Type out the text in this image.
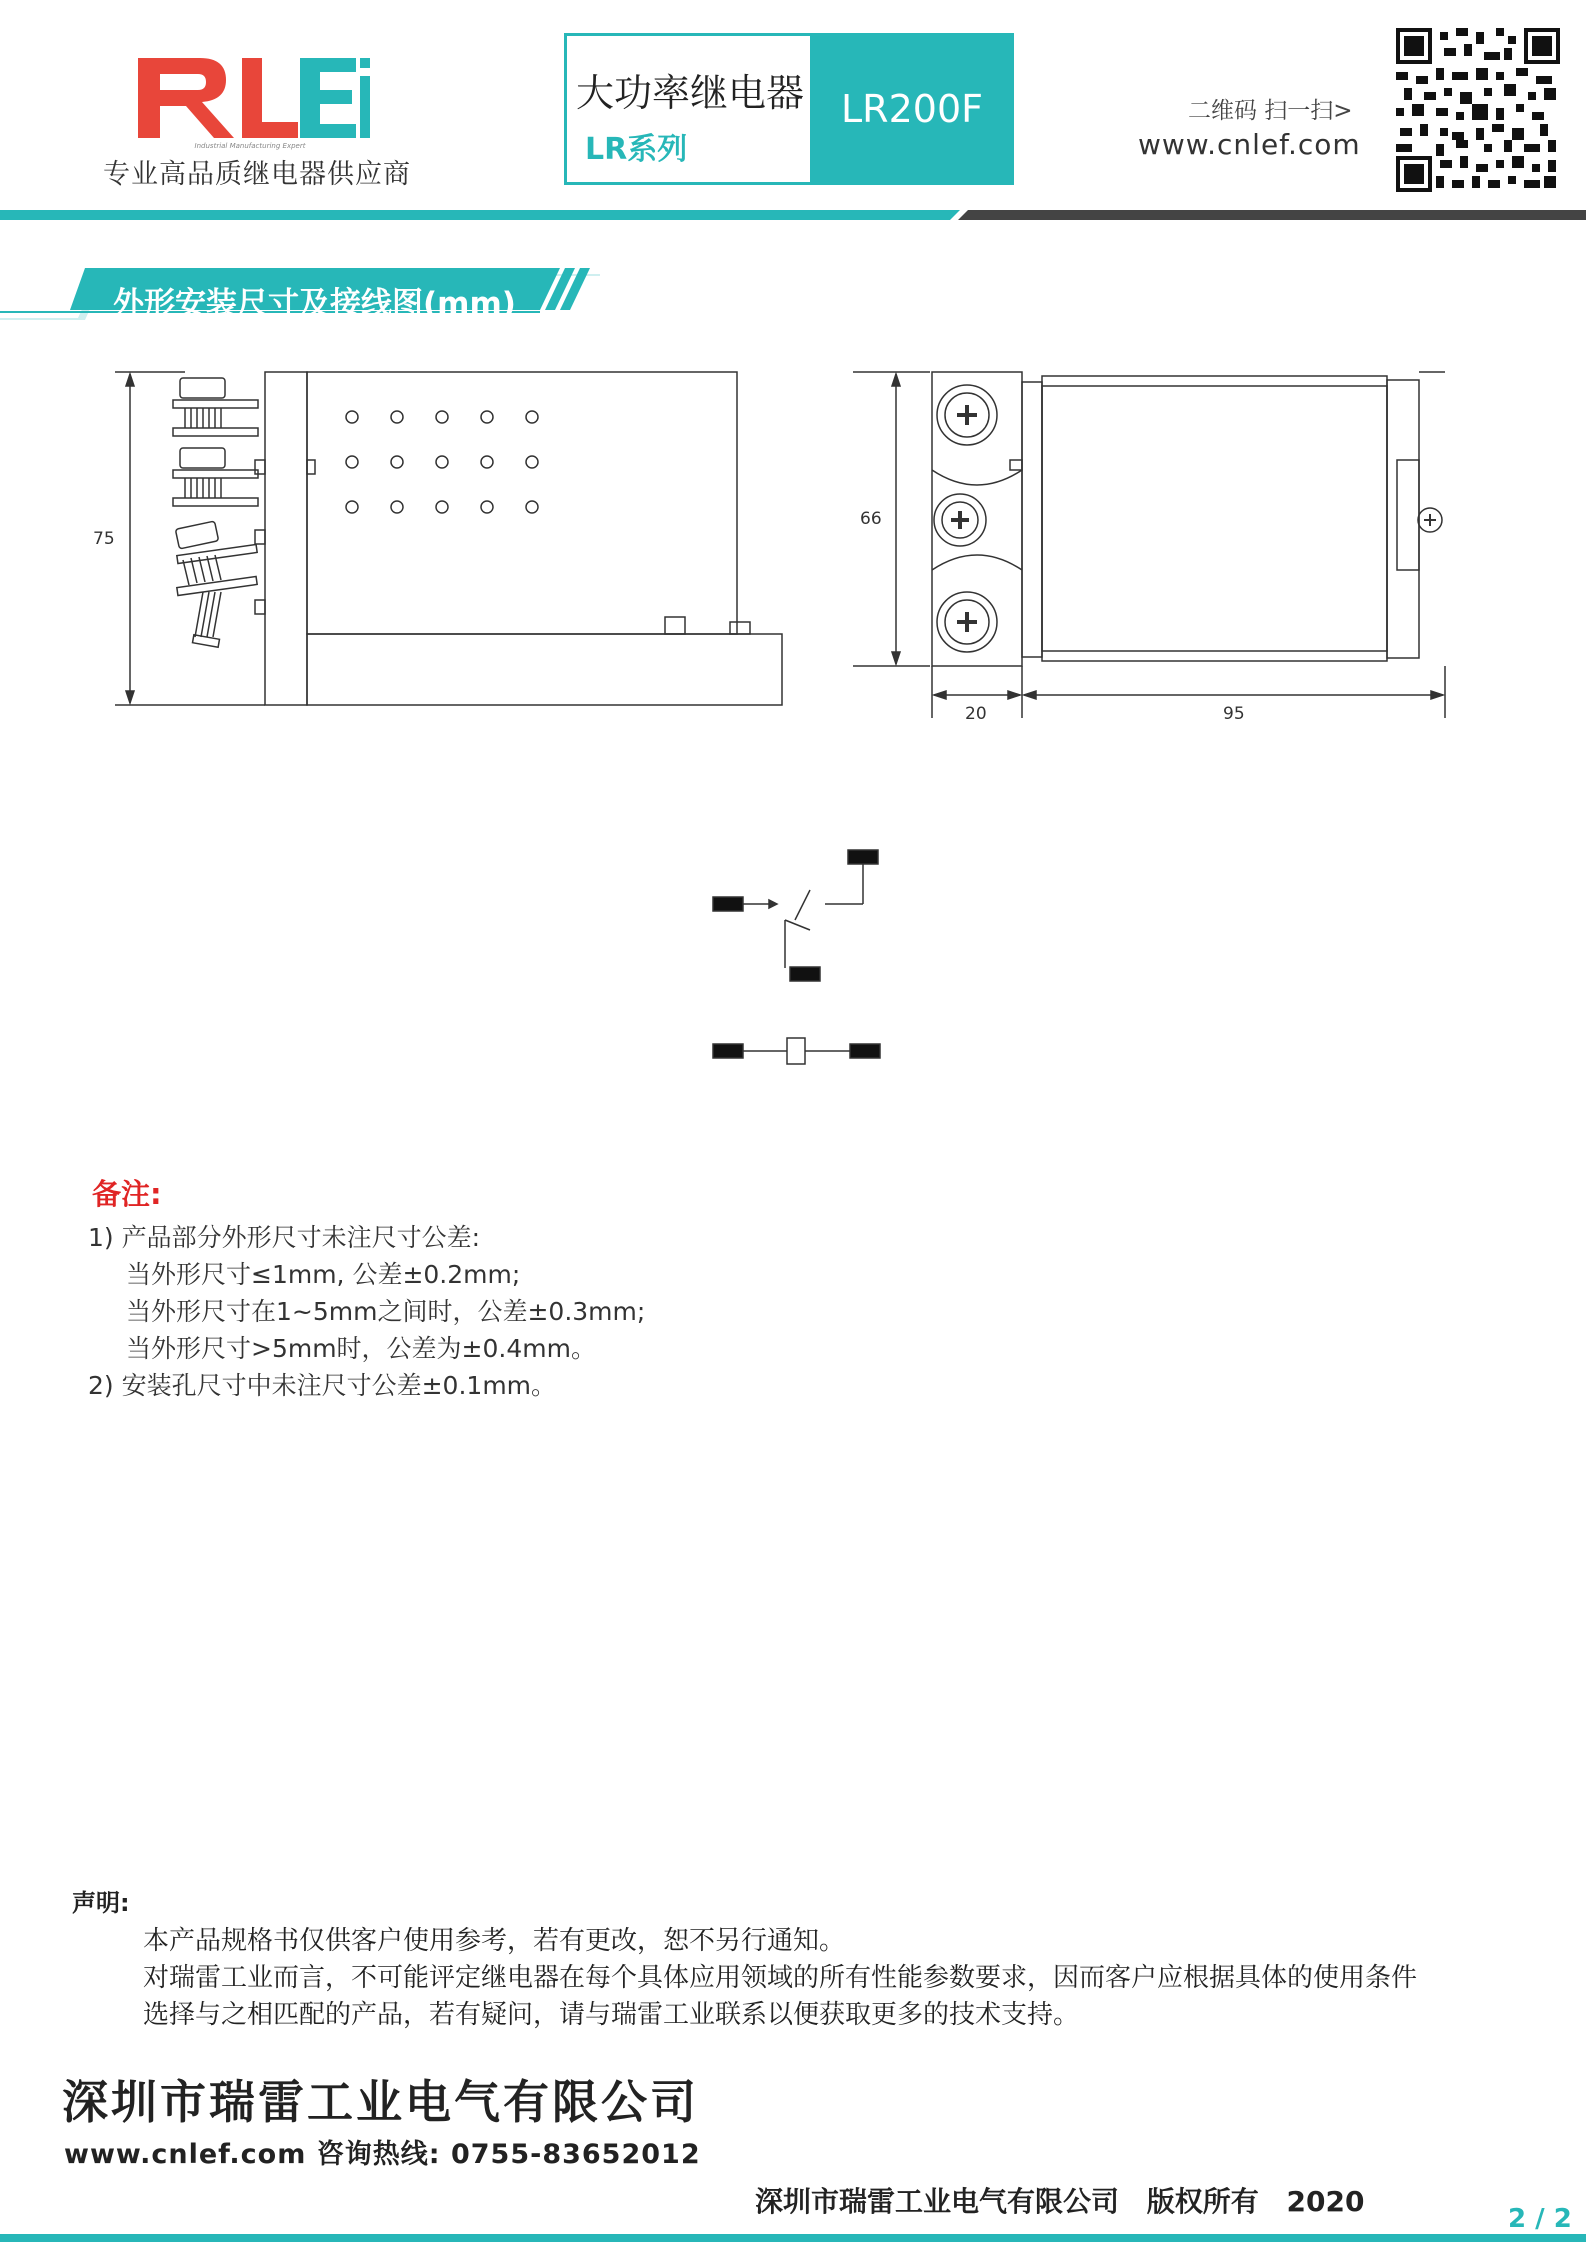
Industrial Manufacturing Expert
专业高品质继电器供应商
大功率继电器
LR系列
LR200F	二维码 扫一扫>
www.cnlef.com
外形安装尺寸及接线图(mm)
75
66
20	95
备注:
1) 产品部分外形尺寸未注尺寸公差:
当外形尺寸≤1mm, 公差±0.2mm;
当外形尺寸在1~5mm之间时，公差±0.3mm;
当外形尺寸>5mm时，公差为±0.4mm。
2) 安装孔尺寸中未注尺寸公差±0.1mm。
声明:
本产品规格书仅供客户使用参考，若有更改，恕不另行通知。
对瑞雷工业而言，不可能评定继电器在每个具体应用领域的所有性能参数要求，因而客户应根据具体的使用条件
选择与之相匹配的产品，若有疑问，请与瑞雷工业联系以便获取更多的技术支持。
深圳市瑞雷工业电气有限公司
www.cnlef.com 咨询热线: 0755-83652012
深圳市瑞雷工业电气有限公司 版权所有 2020
2 / 2
